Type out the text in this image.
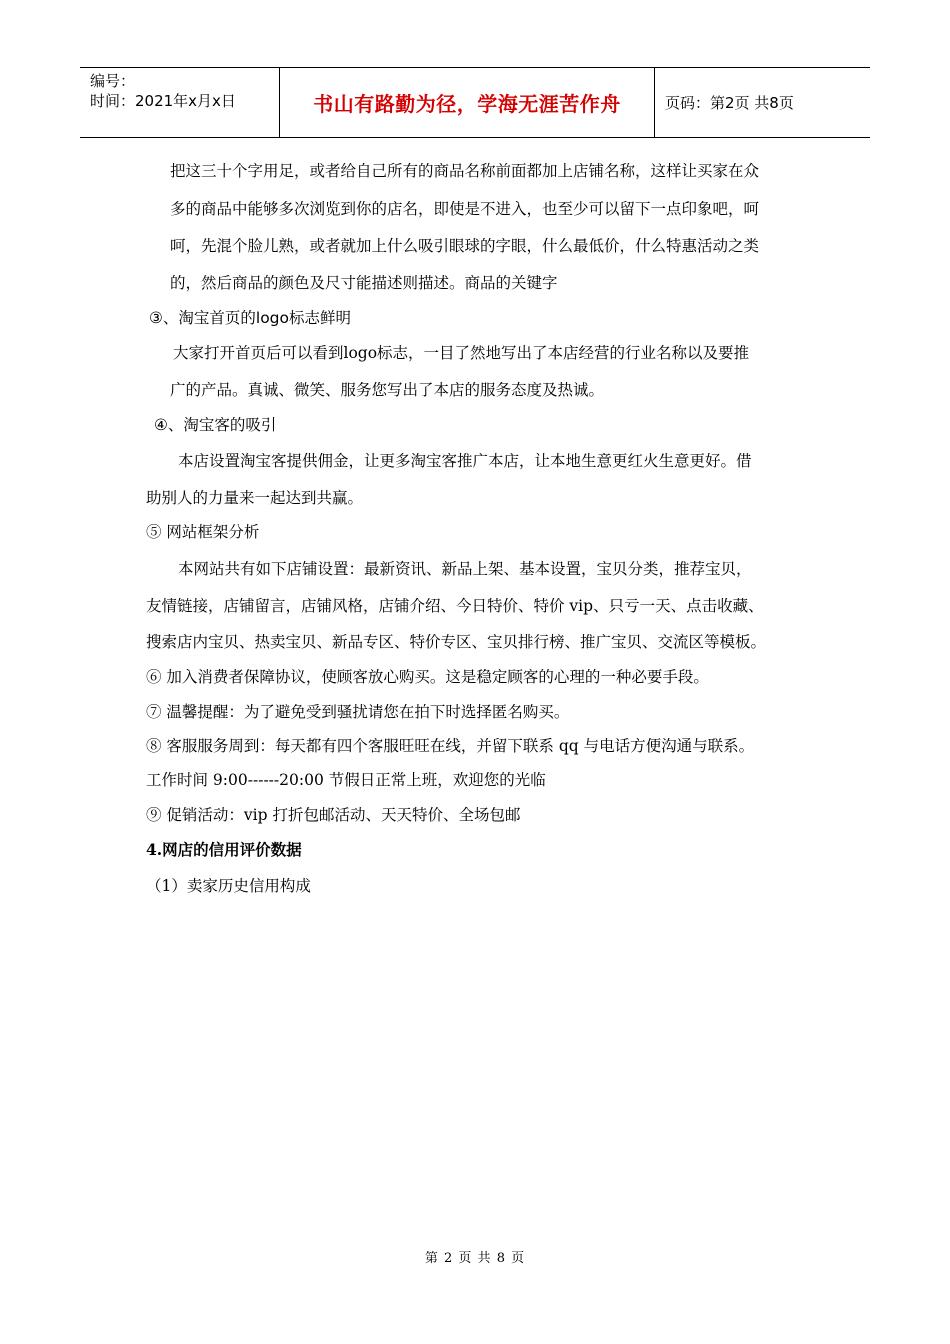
编号：
时间：2021年x月x日	书山有路勤为径，学海无涯苦作舟	页码：第2页 共8页
把这三十个字用足，或者给自己所有的商品名称前面都加上店铺名称，这样让买家在众
多的商品中能够多次浏览到你的店名，即使是不进入，也至少可以留下一点印象吧，呵
呵，先混个脸儿熟，或者就加上什么吸引眼球的字眼，什么最低价，什么特惠活动之类
的，然后商品的颜色及尺寸能描述则描述。商品的关键字
③、淘宝首页的logo标志鲜明
大家打开首页后可以看到logo标志，一目了然地写出了本店经营的行业名称以及要推
广的产品。真诚、微笑、服务您写出了本店的服务态度及热诚。
④、淘宝客的吸引
本店设置淘宝客提供佣金，让更多淘宝客推广本店，让本地生意更红火生意更好。借
助别人的力量来一起达到共赢。
⑤ 网站框架分析
本网站共有如下店铺设置：最新资讯、新品上架、基本设置，宝贝分类，推荐宝贝，
友情链接，店铺留言，店铺风格，店铺介绍、今日特价、特价 vip、只亏一天、点击收藏、
搜索店内宝贝、热卖宝贝、新品专区、特价专区、宝贝排行榜、推广宝贝、交流区等模板。
⑥ 加入消费者保障协议，使顾客放心购买。这是稳定顾客的心理的一种必要手段。
⑦ 温馨提醒：为了避免受到骚扰请您在拍下时选择匿名购买。
⑧ 客服服务周到：每天都有四个客服旺旺在线，并留下联系 qq 与电话方便沟通与联系。
工作时间 9:00------20:00 节假日正常上班，欢迎您的光临
⑨ 促销活动：vip 打折包邮活动、天天特价、全场包邮
4.网店的信用评价数据
（1）卖家历史信用构成
第 2 页 共 8 页
